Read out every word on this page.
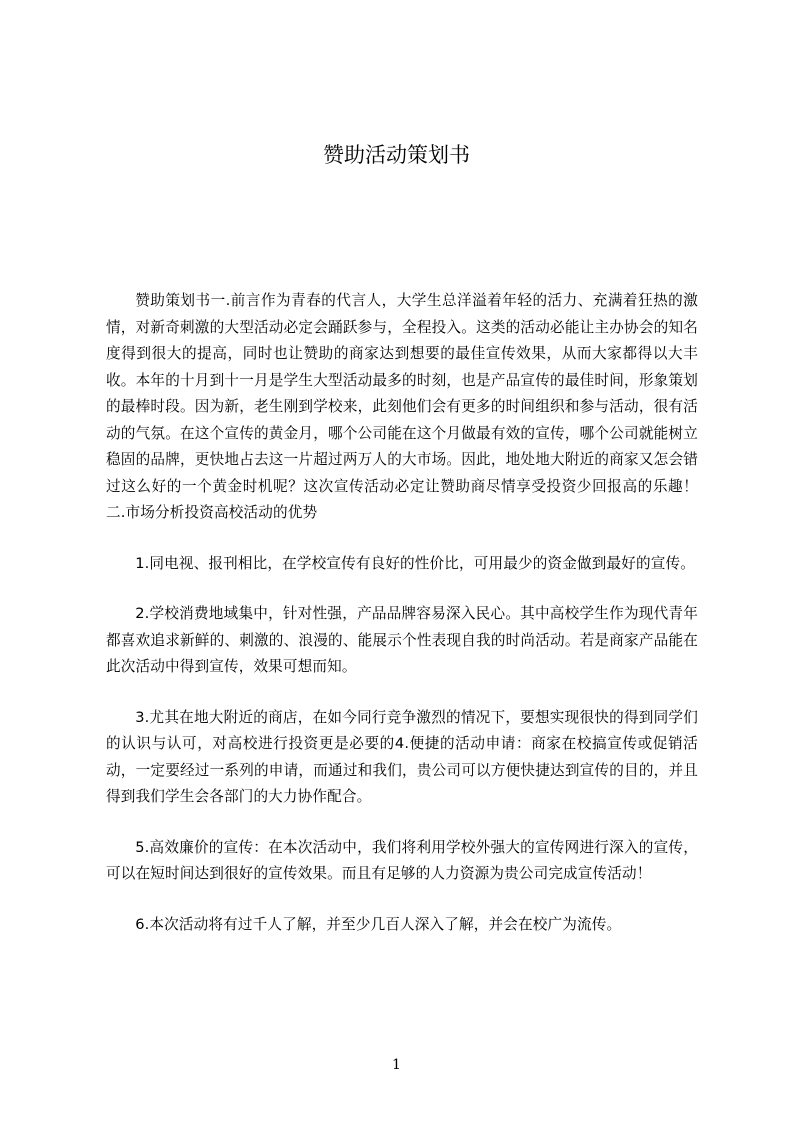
赞助活动策划书

赞助策划书一.前言作为青春的代言人，大学生总洋溢着年轻的活力、充满着狂热的激情，对新奇刺激的大型活动必定会踊跃参与，全程投入。这类的活动必能让主办协会的知名度得到很大的提高，同时也让赞助的商家达到想要的最佳宣传效果，从而大家都得以大丰收。本年的十月到十一月是学生大型活动最多的时刻，也是产品宣传的最佳时间，形象策划的最棒时段。因为新，老生刚到学校来，此刻他们会有更多的时间组织和参与活动，很有活动的气氛。在这个宣传的黄金月，哪个公司能在这个月做最有效的宣传，哪个公司就能树立稳固的品牌，更快地占去这一片超过两万人的大市场。因此，地处地大附近的商家又怎会错过这么好的一个黄金时机呢？这次宣传活动必定让赞助商尽情享受投资少回报高的乐趣！二.市场分析投资高校活动的优势

1.同电视、报刊相比，在学校宣传有良好的性价比，可用最少的资金做到最好的宣传。

2.学校消费地域集中，针对性强，产品品牌容易深入民心。其中高校学生作为现代青年都喜欢追求新鲜的、刺激的、浪漫的、能展示个性表现自我的时尚活动。若是商家产品能在此次活动中得到宣传，效果可想而知。

3.尤其在地大附近的商店，在如今同行竞争激烈的情况下，要想实现很快的得到同学们的认识与认可，对高校进行投资更是必要的4.便捷的活动申请：商家在校搞宣传或促销活动，一定要经过一系列的申请，而通过和我们，贵公司可以方便快捷达到宣传的目的，并且得到我们学生会各部门的大力协作配合。

5.高效廉价的宣传：在本次活动中，我们将利用学校外强大的宣传网进行深入的宣传，可以在短时间达到很好的宣传效果。而且有足够的人力资源为贵公司完成宣传活动！

6.本次活动将有过千人了解，并至少几百人深入了解，并会在校广为流传。

1
